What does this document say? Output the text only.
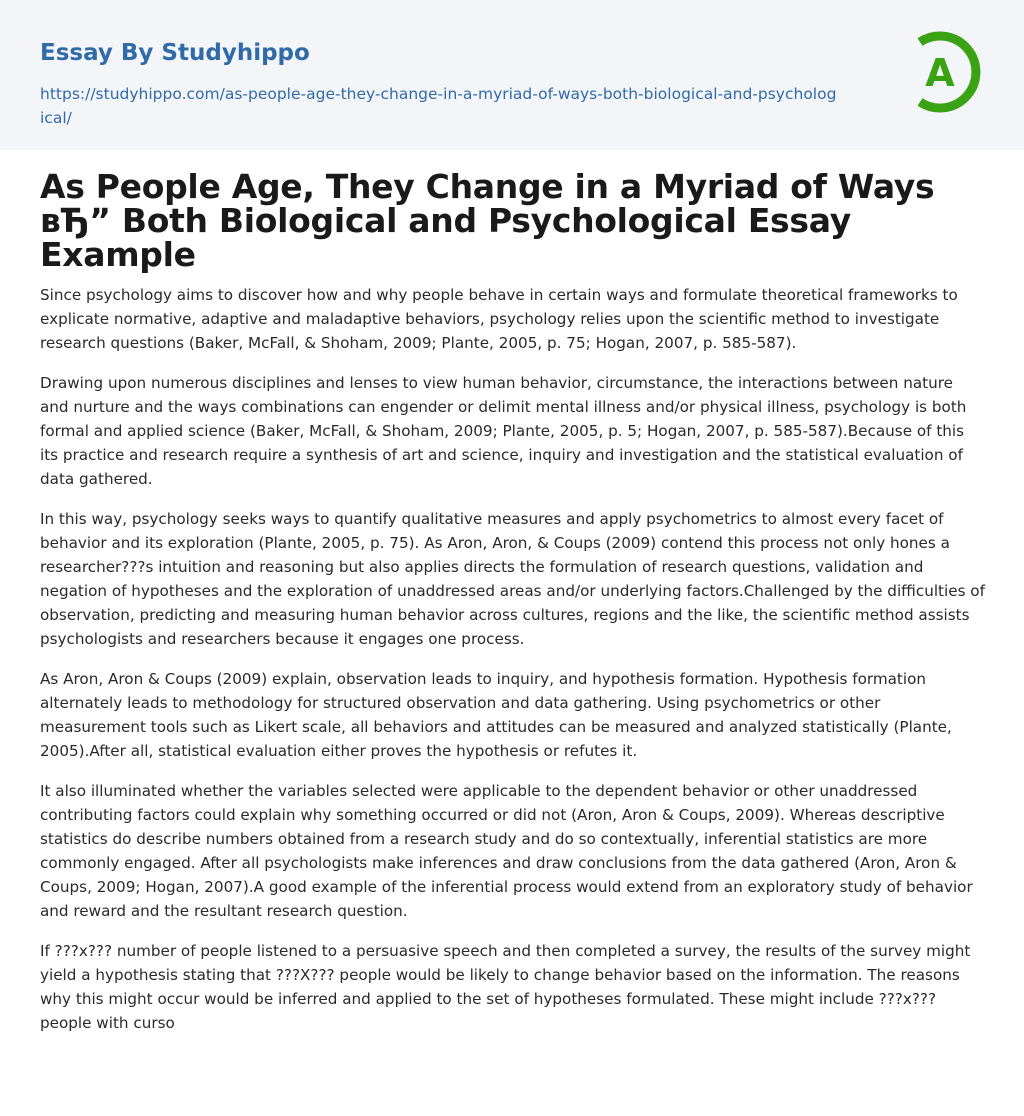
Essay By Studyhippo
https://studyhippo.com/as-people-age-they-change-in-a-myriad-of-ways-both-biological-and-psychological/
A
As People Age, They Change in a Myriad of Ways вЂ” Both Biological and Psychological Essay Example

Since psychology aims to discover how and why people behave in certain ways and formulate theoretical frameworks to explicate normative, adaptive and maladaptive behaviors, psychology relies upon the scientific method to investigate research questions (Baker, McFall, & Shoham, 2009; Plante, 2005, p. 75; Hogan, 2007, p. 585-587).

Drawing upon numerous disciplines and lenses to view human behavior, circumstance, the interactions between nature and nurture and the ways combinations can engender or delimit mental illness and/or physical illness, psychology is both formal and applied science (Baker, McFall, & Shoham, 2009; Plante, 2005, p. 5; Hogan, 2007, p. 585-587).Because of this its practice and research require a synthesis of art and science, inquiry and investigation and the statistical evaluation of data gathered.

In this way, psychology seeks ways to quantify qualitative measures and apply psychometrics to almost every facet of behavior and its exploration (Plante, 2005, p. 75). As Aron, Aron, & Coups (2009) contend this process not only hones a researcher???s intuition and reasoning but also applies directs the formulation of research questions, validation and negation of hypotheses and the exploration of unaddressed areas and/or underlying factors.Challenged by the difficulties of observation, predicting and measuring human behavior across cultures, regions and the like, the scientific method assists psychologists and researchers because it engages one process.

As Aron, Aron & Coups (2009) explain, observation leads to inquiry, and hypothesis formation. Hypothesis formation alternately leads to methodology for structured observation and data gathering. Using psychometrics or other measurement tools such as Likert scale, all behaviors and attitudes can be measured and analyzed statistically (Plante, 2005).After all, statistical evaluation either proves the hypothesis or refutes it.

It also illuminated whether the variables selected were applicable to the dependent behavior or other unaddressed contributing factors could explain why something occurred or did not (Aron, Aron & Coups, 2009). Whereas descriptive statistics do describe numbers obtained from a research study and do so contextually, inferential statistics are more commonly engaged. After all psychologists make inferences and draw conclusions from the data gathered (Aron, Aron & Coups, 2009; Hogan, 2007).A good example of the inferential process would extend from an exploratory study of behavior and reward and the resultant research question.

If ???x??? number of people listened to a persuasive speech and then completed a survey, the results of the survey might yield a hypothesis stating that ???X??? people would be likely to change behavior based on the information. The reasons why this might occur would be inferred and applied to the set of hypotheses formulated. These might include ???x??? people with curso
